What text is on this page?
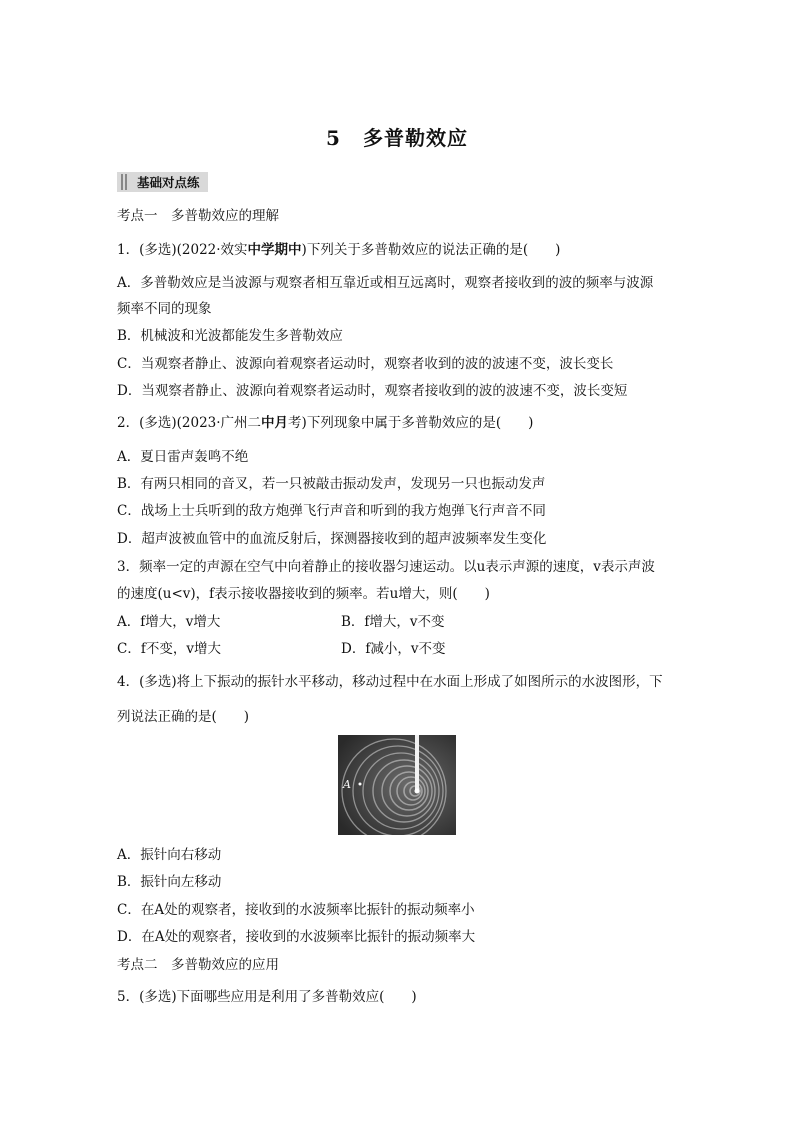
5 多普勒效应
基础对点练
考点一　多普勒效应的理解
1．(多选)(2022·效实中学期中)下列关于多普勒效应的说法正确的是(　　)
A．多普勒效应是当波源与观察者相互靠近或相互远离时，观察者接收到的波的频率与波源
频率不同的现象
B．机械波和光波都能发生多普勒效应
C．当观察者静止、波源向着观察者运动时，观察者收到的波的波速不变，波长变长
D．当观察者静止、波源向着观察者运动时，观察者接收到的波的波速不变，波长变短
2．(多选)(2023·广州二中月考)下列现象中属于多普勒效应的是(　　)
A．夏日雷声轰鸣不绝
B．有两只相同的音叉，若一只被敲击振动发声，发现另一只也振动发声
C．战场上士兵听到的敌方炮弹飞行声音和听到的我方炮弹飞行声音不同
D．超声波被血管中的血流反射后，探测器接收到的超声波频率发生变化
3．频率一定的声源在空气中向着静止的接收器匀速运动。以u表示声源的速度，v表示声波
的速度(u<v)，f表示接收器接收到的频率。若u增大，则(　　)
A．f增大，v增大	B．f增大，v不变
C．f不变，v增大	D．f减小，v不变
4．(多选)将上下振动的振针水平移动，移动过程中在水面上形成了如图所示的水波图形，下
列说法正确的是(　　)
A
A．振针向右移动
B．振针向左移动
C．在A处的观察者，接收到的水波频率比振针的振动频率小
D．在A处的观察者，接收到的水波频率比振针的振动频率大
考点二　多普勒效应的应用
5．(多选)下面哪些应用是利用了多普勒效应(　　)
